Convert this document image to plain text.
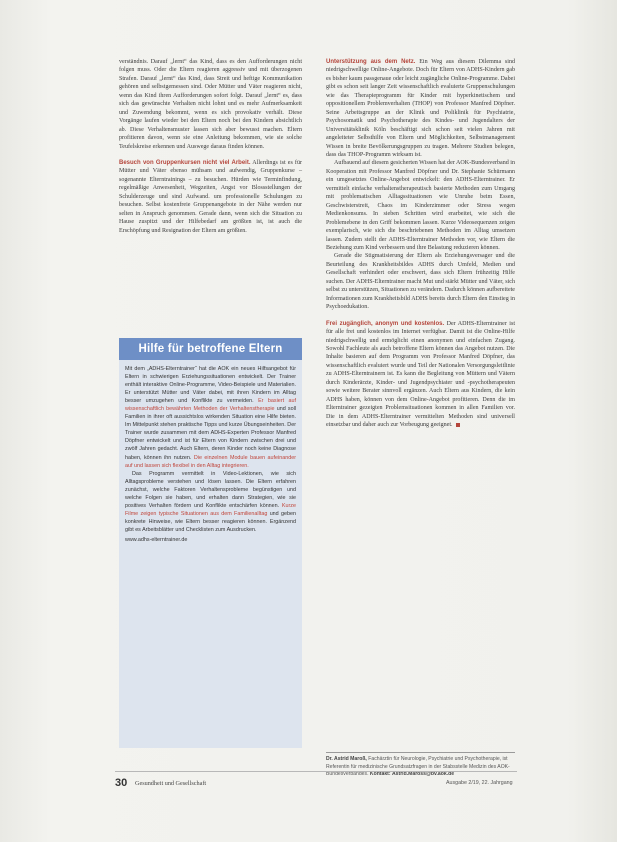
verständnis. Darauf „lernt“ das Kind, dass es den Aufforderungen nicht folgen muss. Oder die Eltern reagieren aggressiv und mit überzogenen Strafen. Darauf „lernt“ das Kind, dass Streit und heftige Kommunikation gehören und selbstgemessen sind. Oder Mütter und Väter reagieren nicht, wenn das Kind ihren Aufforderungen sofort folgt. Darauf „lernt“ es, dass sich das gewünschte Verhalten nicht lohnt und es mehr Aufmerksamkeit und Zuwendung bekommt, wenn es sich provokativ verhält. Diese Vorgänge laufen wieder bei den Eltern noch bei den Kindern absichtlich ab. Diese Verhaltensmuster lassen sich aber bewusst machen. Eltern profitieren davon, wenn sie eine Anleitung bekommen, wie sie solche Teufelskreise erkennen und Auswege daraus finden können.

Besuch von Gruppenkursen nicht viel Arbeit. Allerdings ist es für Mütter und Väter ebenso mühsam und aufwendig, Gruppenkurse – sogenannte Elterntrainings – zu besuchen. Hürden wie Terminfindung, regelmäßige Anwesenheit, Wegzeiten, Angst vor Blossstellungen der Schulderzeuge und sind Aufwand. um professionelle Schulungen zu besuchen. Selbst kostenfreie Gruppenangebote in der Nähe werden nur selten in Anspruch genommen. Gerade dann, wenn sich die Situation zu Hause zuspitzt und der Hilfebedarf am größten ist, ist auch die Erschöpfung und Resignation der Eltern am größten.

Hilfe für betroffene Eltern

Mit dem „ADHS-Elterntrainer“ hat die AOK ein neues Hilfsangebot für Eltern in schwierigen Erziehungssituationen entwickelt. Der Trainer enthält interaktive Online-Programme, Video-Beispiele und Materialien. Er unterstützt Mütter und Väter dabei, mit ihren Kindern im Alltag besser umzugehen und Konflikte zu vermeiden. Er basiert auf wissenschaftlich bewährten Methoden der Verhaltenstherapie und soll Familien in ihrer oft aussichtslos wirkenden Situation eine Hilfe bieten. Im Mittelpunkt stehen praktische Tipps und kurze Übungseinheiten. Der Trainer wurde zusammen mit dem ADHS-Experten Professor Manfred Döpfner entwickelt und ist für Eltern von Kindern zwischen drei und zwölf Jahren gedacht. Auch Eltern, deren Kinder noch keine Diagnose haben, können ihn nutzen. Die einzelnen Module bauen aufeinander auf und lassen sich flexibel in den Alltag integrieren.

Das Programm vermittelt in Video-Lektionen, wie sich Alltagsprobleme verstehen und lösen lassen. Die Eltern erfahren zunächst, welche Faktoren Verhaltensprobleme begünstigen und welche Folgen sie haben, und erhalten dann Strategien, wie sie positives Verhalten fördern und Konflikte entschärfen können. Kurze Filme zeigen typische Situationen aus dem Familienalltag und geben konkrete Hinweise, wie Eltern besser reagieren können. Ergänzend gibt es Arbeitsblätter und Checklisten zum Ausdrucken.

www.adhs-elterntrainer.de

Unterstützung aus dem Netz. Ein Weg aus diesem Dilemma sind niedrigschwellige Online-Angebote. Doch für Eltern von ADHS-Kindern gab es bisher kaum passgenaue oder leicht zugängliche Online-Programme. Dabei gibt es schon seit langer Zeit wissenschaftlich evaluierte Gruppenschulungen wie das Therapieprogramm für Kinder mit hyperkinetischem und oppositionellem Problemverhalten (THOP) von Professor Manfred Döpfner. Seine Arbeitsgruppe an der Klinik und Poliklinik für Psychiatrie, Psychosomatik und Psychotherapie des Kindes- und Jugendalters der Universitätsklinik Köln beschäftigt sich schon seit vielen Jahren mit angeleiteter Selbsthilfe von Eltern und Möglichkeiten, Selbstmanagement Wissen in breite Bevölkerungsgruppen zu tragen. Mehrere Studien belegen, dass das THOP-Programm wirksam ist.

Aufbauend auf diesem gesicherten Wissen hat der AOK-Bundesverband in Kooperation mit Professor Manfred Döpfner und Dr. Stephanie Schürmann ein umgesetztes Online-Angebot entwickelt: den ADHS-Elterntrainer. Er vermittelt einfache verhaltenstherapeutisch basierte Methoden zum Umgang mit problematischen Alltagssituationen wie Unruhe beim Essen, Geschwisterstreit, Chaos im Kinderzimmer oder Stress wegen Medienkonsums. In sieben Schritten wird erarbeitet, wie sich die Problemebene in den Griff bekommen lassen. Kurze Videosequenzen zeigen exemplarisch, wie sich die beschriebenen Methoden im Alltag umsetzen lassen. Zudem stellt der ADHS-Elterntrainer Methoden vor, wie Eltern die Beziehung zum Kind verbessern und ihre Belastung reduzieren können.

Gerade die Stigmatisierung der Eltern als Erziehungsversager und die Beurteilung des Krankheitsbildes ADHS durch Umfeld, Medien und Gesellschaft verhindert oder erschwert, dass sich Eltern frühzeitig Hilfe suchen. Der ADHS-Elterntrainer macht Mut und stärkt Mütter und Väter, sich selbst zu unterstützen, Situationen zu verändern. Dadurch können aufbereitete Informationen zum Krankheitsbild ADHS bereits durch Eltern den Einstieg in Psychoedukation.

Frei zugänglich, anonym und kostenlos. Der ADHS-Elterntrainer ist für alle frei und kostenlos im Internet verfügbar. Damit ist die Online-Hilfe niedrigschwellig und ermöglicht einen anonymen und einfachen Zugang. Sowohl Fachleute als auch betroffene Eltern können das Angebot nutzen. Die Inhalte basieren auf dem Programm von Professor Manfred Döpfner, das wissenschaftlich evaluiert wurde und Teil der Nationalen Versorgungsleitlinie zu ADHS-Elterntrainern ist. Es kann die Begleitung von Müttern und Vätern durch Kinderärzte, Kinder- und Jugendpsychiater und -psychotherapeuten sowie weitere Berater sinnvoll ergänzen. Auch Eltern aus Kindern, die kein ADHS haben, können von dem Online-Angebot profitieren. Denn die im Elterntrainer gezeigten Problemsituationen kommen in allen Familien vor. Die in dem ADHS-Elterntrainer vermittelten Methoden sind universell einsetzbar und daher auch zur Vorbeugung geeignet.

Dr. Astrid Maroß, Fachärztin für Neurologie, Psychiatrie und Psychotherapie, ist Referentin für medizinische Grundsatzfragen in der Stabsstelle Medizin des AOK-Bundesverbandes. Kontakt: Astrid.Maross@bv.aok.de
30 Gesundheit und Gesellschaft	Ausgabe 2/19, 22. Jahrgang
